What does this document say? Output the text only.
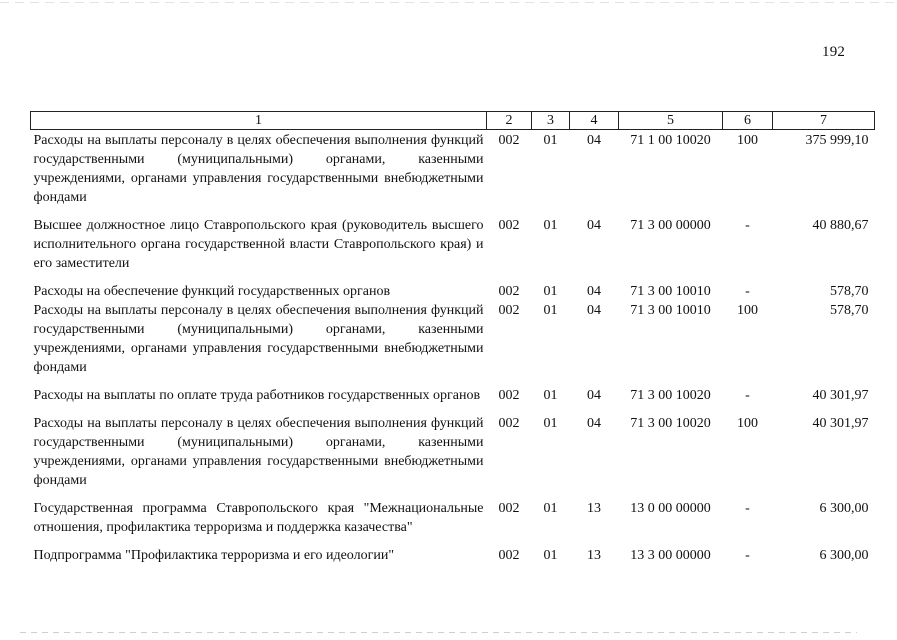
192
1	2	3	4	5	6	7
Расходы на выплаты персоналу в целях обеспечения выполнения функций государственными (муниципальными) органами, казенными учреждениями, органами управления государственными внебюджетными фондами	002	01	04	71 1 00 10020	100	375 999,10
Высшее должностное лицо Ставропольского края (руководитель высшего исполнительного органа государственной власти Ставропольского края) и его заместители	002	01	04	71 3 00 00000	-	40 880,67
Расходы на обеспечение функций государственных органов	002	01	04	71 3 00 10010	-	578,70
Расходы на выплаты персоналу в целях обеспечения выполнения функций государственными (муниципальными) органами, казенными учреждениями, органами управления государственными внебюджетными фондами	002	01	04	71 3 00 10010	100	578,70
Расходы на выплаты по оплате труда работников государственных органов	002	01	04	71 3 00 10020	-	40 301,97
Расходы на выплаты персоналу в целях обеспечения выполнения функций государственными (муниципальными) органами, казенными учреждениями, органами управления государственными внебюджетными фондами	002	01	04	71 3 00 10020	100	40 301,97
Государственная программа Ставропольского края "Межнациональные отношения, профилактика терроризма и поддержка казачества"	002	01	13	13 0 00 00000	-	6 300,00
Подпрограмма "Профилактика терроризма и его идеологии"	002	01	13	13 3 00 00000	-	6 300,00
